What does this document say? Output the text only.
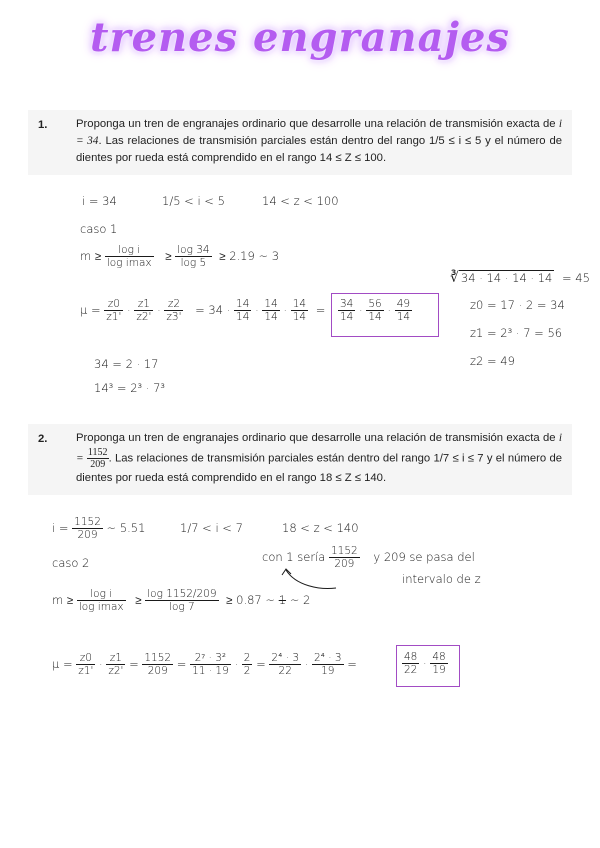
trenes engranajes
1.	Proponga un tren de engranajes ordinario que desarrolle una relación de transmisión exacta de i = 34. Las relaciones de transmisión parciales están dentro del rango 1/5 ≤ i ≤ 5 y el número de dientes por rueda está comprendido en el rango 14 ≤ Z ≤ 100.
i = 34	1/5 < i < 5	14 < z < 100
caso 1
m ≥	log i
$\log imax \ge \frac{\log 34}{\log 5} \ge 2.19$ ~ 3
$\mu = \frac{z0}{z1'} \cdot \frac{z1}{z2'} \cdot \frac{z2}{z3'} = 34 \cdot \frac{14}{14} \cdot \frac{14}{14} \cdot \frac{14}{14} = \frac{34}{14} \cdot \frac{56}{14} \cdot \frac{49}{14}$
34 = 2 · 17
14³ = 2³ · 7³
∛ 34 · 14 · 14 · 14 = 45
z0 = 17 · 2 = 34
z1 = 2³ · 7 = 56
z2 = 49
2.	Proponga un tren de engranajes ordinario que desarrolle una relación de transmisión exacta de $i = \frac{1152}{209}$ . Las relaciones de transmisión parciales están dentro del rango 1/7 ≤ i ≤ 7 y el número de dientes por rueda está comprendido en el rango 18 ≤ Z ≤ 140.
$i = \frac{1152}{209}$ ~ 5.51	1/7 < i < 7	18 < z < 140
caso 2	con 1 sería $\frac{1152}{209}$ y 209 se pasa del
intervalo de z
m ≥	log i
$\log imax \ge \frac{\log 1152/209}{\log 7} \ge 0.87$ ~ 1 ~ 2
$\mu = \frac{z0}{z1'} \cdot \frac{z1}{z2'} = \frac{1152}{209} = \frac{\text{2⁷ · 3²}}{11 \cdot 19} \cdot \frac{2}{2} = \frac{\text{2⁴ · 3}}{22} \cdot \frac{\text{2⁴ · 3}}{19}$ =	$\frac{48}{22} \cdot \frac{48}{19}$
